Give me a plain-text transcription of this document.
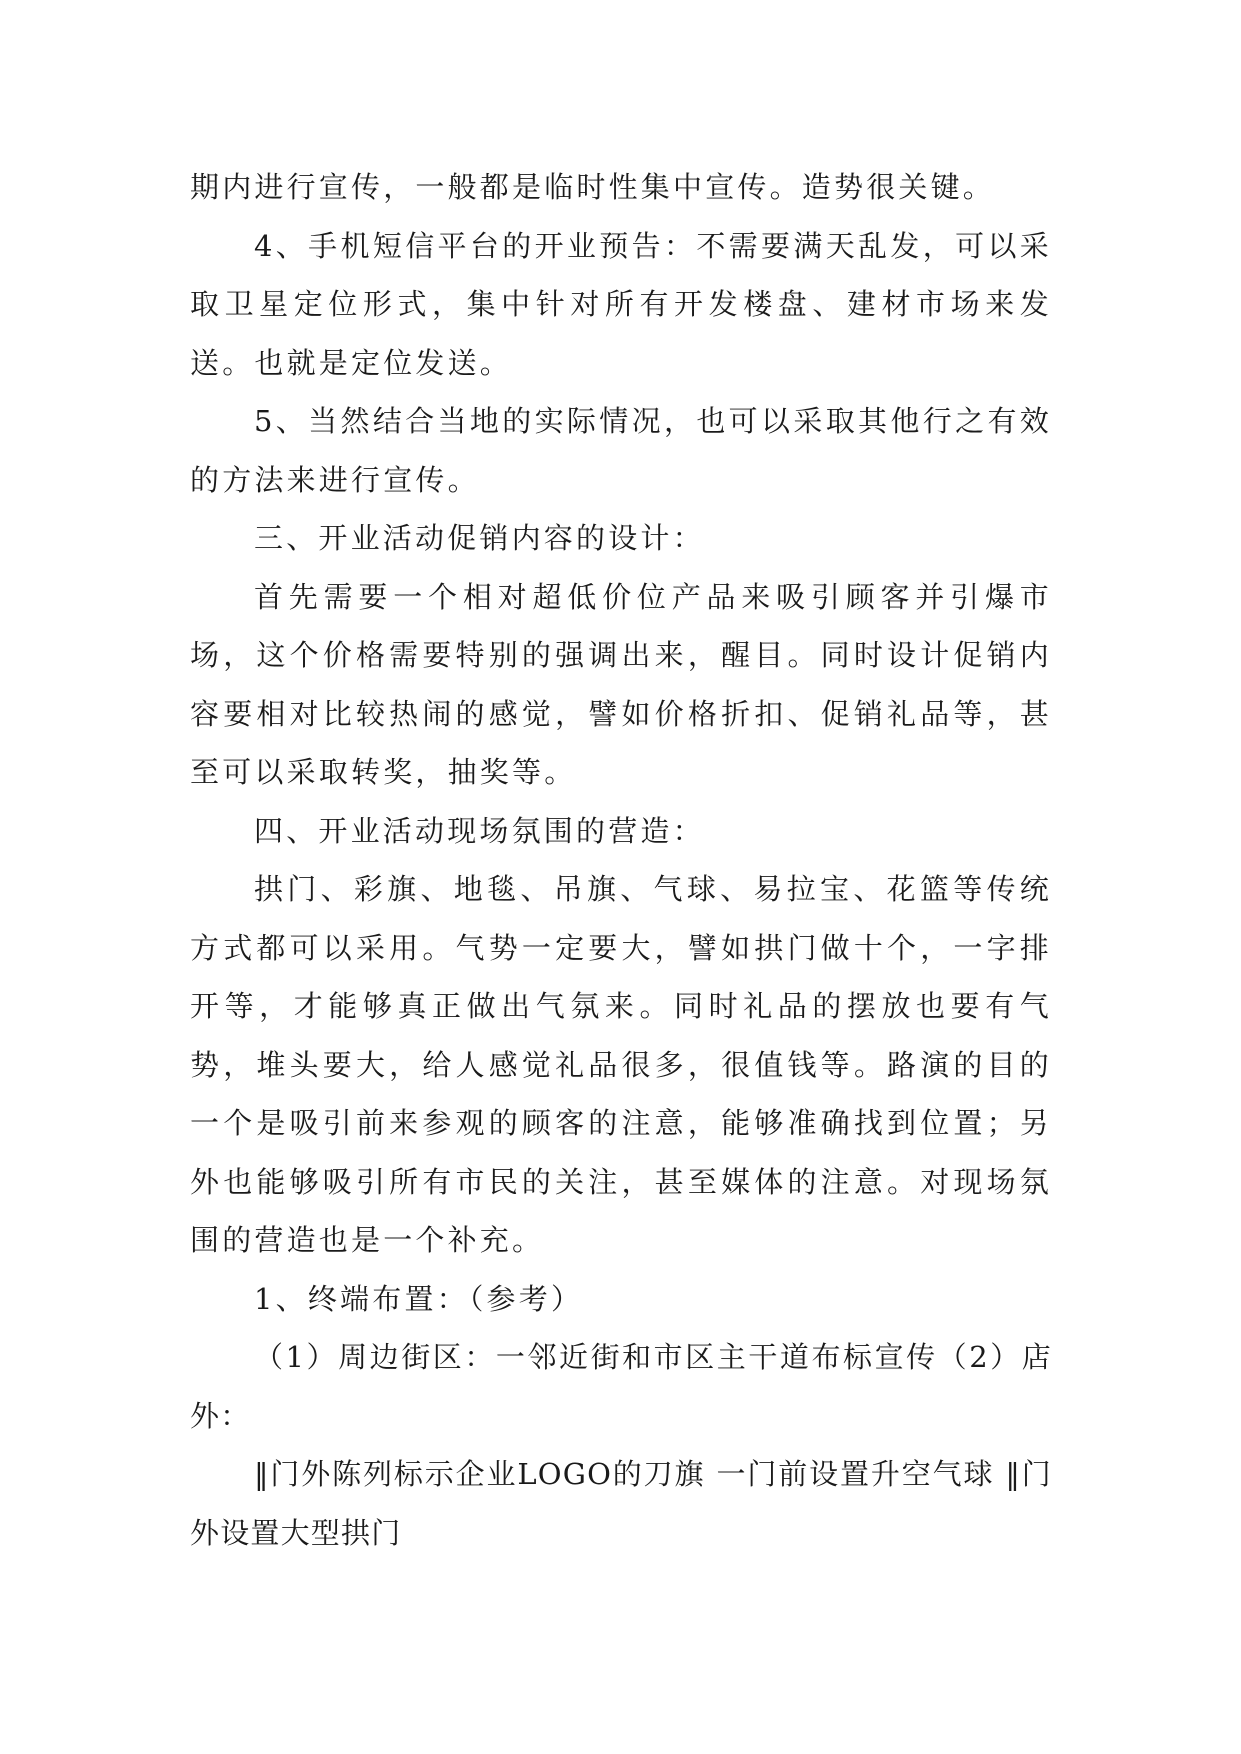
期内进行宣传，一般都是临时性集中宣传。造势很关键。

4、手机短信平台的开业预告：不需要满天乱发，可以采取卫星定位形式，集中针对所有开发楼盘、建材市场来发送。也就是定位发送。

5、当然结合当地的实际情况，也可以采取其他行之有效的方法来进行宣传。

三、开业活动促销内容的设计：

首先需要一个相对超低价位产品来吸引顾客并引爆市场，这个价格需要特别的强调出来，醒目。同时设计促销内容要相对比较热闹的感觉，譬如价格折扣、促销礼品等，甚至可以采取转奖，抽奖等。

四、开业活动现场氛围的营造：

拱门、彩旗、地毯、吊旗、气球、易拉宝、花篮等传统方式都可以采用。气势一定要大，譬如拱门做十个，一字排开等，才能够真正做出气氛来。同时礼品的摆放也要有气势，堆头要大，给人感觉礼品很多，很值钱等。路演的目的一个是吸引前来参观的顾客的注意，能够准确找到位置；另外也能够吸引所有市民的关注，甚至媒体的注意。对现场氛围的营造也是一个补充。

1、终端布置：（参考）

（1）周边街区：一邻近街和市区主干道布标宣传（2）店外：

‖门外陈列标示企业LOGO的刀旗 一门前设置升空气球 ‖门外设置大型拱门
